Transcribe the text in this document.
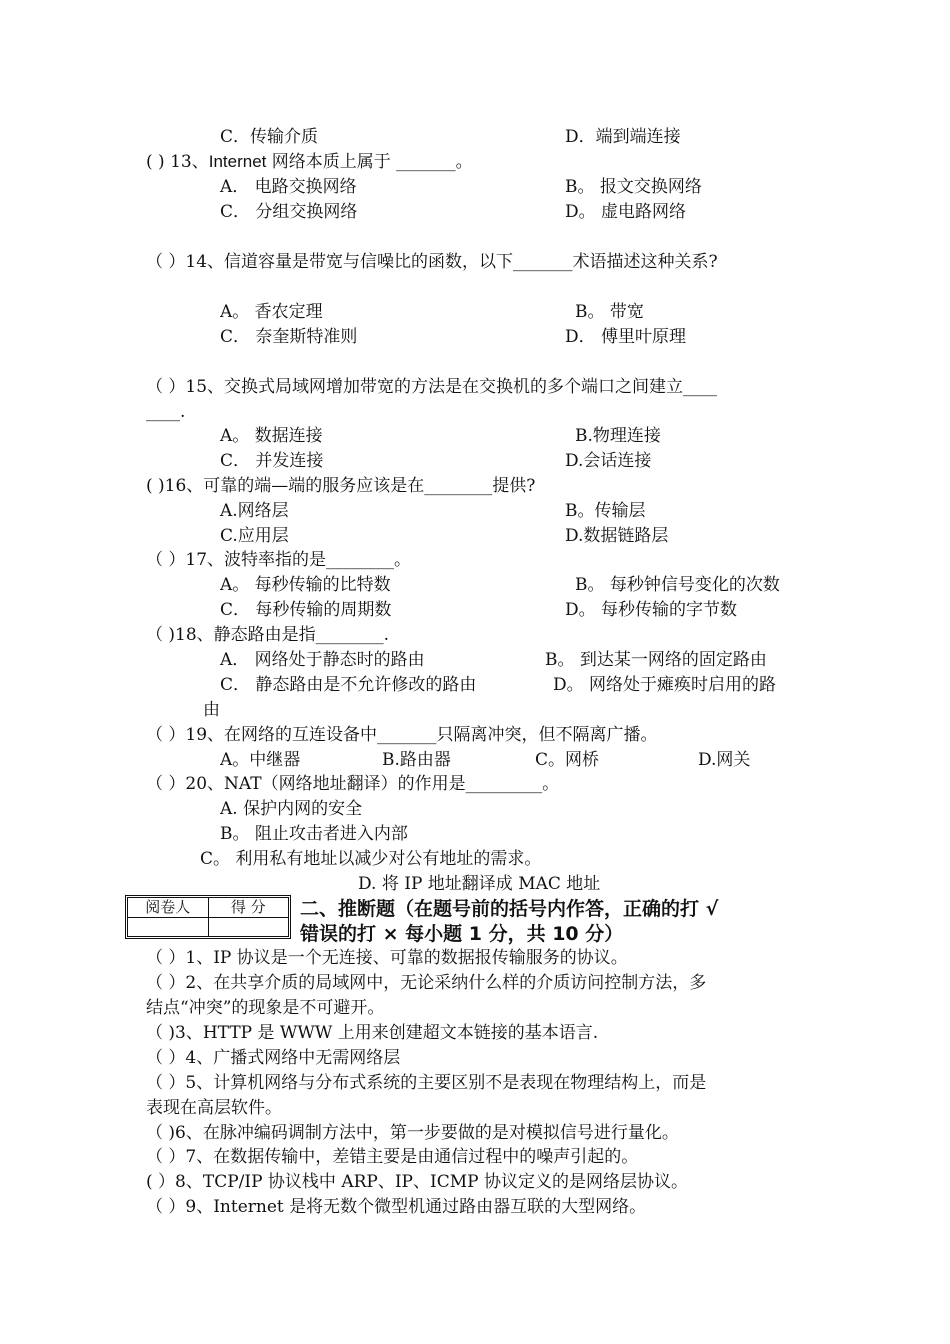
C．传输介质	D．端到端连接
( ) 13、Internet 网络本质上属于 _______。
A． 电路交换网络	B。 报文交换网络
C． 分组交换网络	D。 虚电路网络
（ ）14、信道容量是带宽与信噪比的函数，以下_______术语描述这种关系?
A。 香农定理	B。 带宽
C． 奈奎斯特准则	D． 傅里叶原理
（ ）15、交换式局域网增加带宽的方法是在交换机的多个端口之间建立____
____.
A。 数据连接	B.物理连接
C． 并发连接	D.会话连接
( )16、可靠的端—端的服务应该是在________提供?
A.网络层	B。传输层
C.应用层	D.数据链路层
（ ）17、波特率指的是________。
A。 每秒传输的比特数	B。 每秒钟信号变化的次数
C． 每秒传输的周期数	D。 每秒传输的字节数
（ )18、静态路由是指________.
A． 网络处于静态时的路由	B。 到达某一网络的固定路由
C． 静态路由是不允许修改的路由	D。 网络处于瘫痪时启用的路
由
（ ）19、在网络的互连设备中_______只隔离冲突，但不隔离广播。
A。中继器	B.路由器	C。网桥	D.网关
（ ）20、NAT（网络地址翻译）的作用是_________。
A. 保护内网的安全
B。 阻止攻击者进入内部
C。 利用私有地址以减少对公有地址的需求。
D. 将 IP 地址翻译成 MAC 地址
阅卷人	得 分	二、推断题（在题号前的括号内作答，正确的打 √
错误的打 × 每小题 1 分，共 10 分）
（ ）1、IP 协议是一个无连接、可靠的数据报传输服务的协议。
（ ）2、在共享介质的局域网中，无论采纳什么样的介质访问控制方法，多
结点“冲突”的现象是不可避开。
（ )3、HTTP 是 WWW 上用来创建超文本链接的基本语言.
（ ）4、广播式网络中无需网络层
（ ）5、计算机网络与分布式系统的主要区别不是表现在物理结构上，而是
表现在高层软件。
（ )6、在脉冲编码调制方法中，第一步要做的是对模拟信号进行量化。
（ ）7、在数据传输中，差错主要是由通信过程中的噪声引起的。
( ）8、TCP/IP 协议栈中 ARP、IP、ICMP 协议定义的是网络层协议。
（ ）9、Internet 是将无数个微型机通过路由器互联的大型网络。
